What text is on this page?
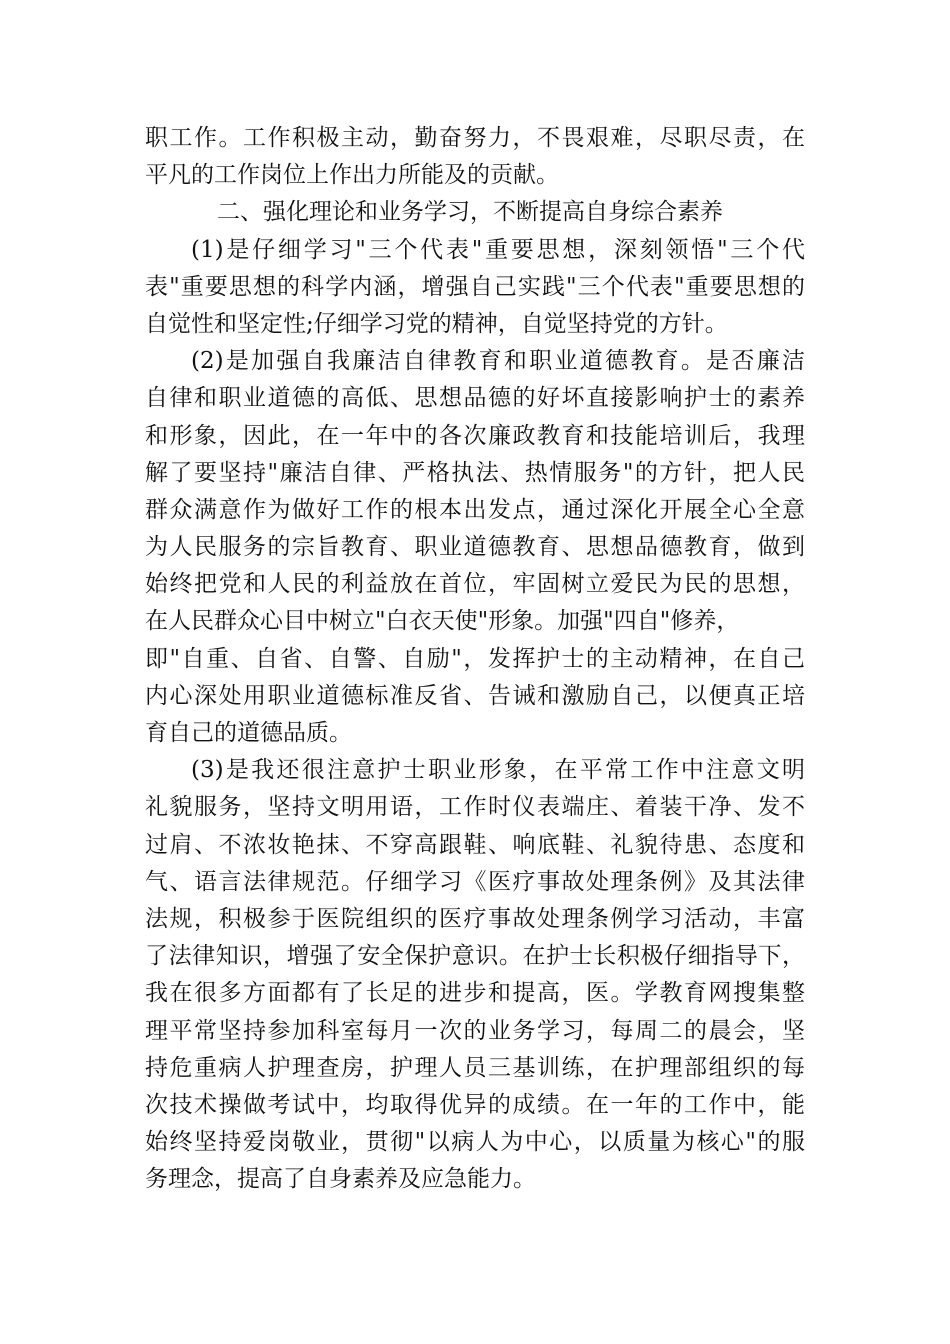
职工作。工作积极主动，勤奋努力，不畏艰难，尽职尽责，在
平凡的工作岗位上作出力所能及的贡献。
二、强化理论和业务学习，不断提高自身综合素养
(1)是仔细学习"三个代表"重要思想，深刻领悟"三个代
表"重要思想的科学内涵，增强自己实践"三个代表"重要思想的
自觉性和坚定性;仔细学习党的精神，自觉坚持党的方针。
(2)是加强自我廉洁自律教育和职业道德教育。是否廉洁
自律和职业道德的高低、思想品德的好坏直接影响护士的素养
和形象，因此，在一年中的各次廉政教育和技能培训后，我理
解了要坚持"廉洁自律、严格执法、热情服务"的方针，把人民
群众满意作为做好工作的根本出发点，通过深化开展全心全意
为人民服务的宗旨教育、职业道德教育、思想品德教育，做到
始终把党和人民的利益放在首位，牢固树立爱民为民的思想，
在人民群众心目中树立"白衣天使"形象。加强"四自"修养，
即"自重、自省、自警、自励"，发挥护士的主动精神，在自己
内心深处用职业道德标准反省、告诫和激励自己，以便真正培
育自己的道德品质。
(3)是我还很注意护士职业形象，在平常工作中注意文明
礼貌服务，坚持文明用语，工作时仪表端庄、着装干净、发不
过肩、不浓妆艳抹、不穿高跟鞋、响底鞋、礼貌待患、态度和
气、语言法律规范。仔细学习《医疗事故处理条例》及其法律
法规，积极参于医院组织的医疗事故处理条例学习活动，丰富
了法律知识，增强了安全保护意识。在护士长积极仔细指导下，
我在很多方面都有了长足的进步和提高，医。学教育网搜集整
理平常坚持参加科室每月一次的业务学习，每周二的晨会，坚
持危重病人护理查房，护理人员三基训练，在护理部组织的每
次技术操做考试中，均取得优异的成绩。在一年的工作中，能
始终坚持爱岗敬业，贯彻"以病人为中心，以质量为核心"的服
务理念，提高了自身素养及应急能力。
